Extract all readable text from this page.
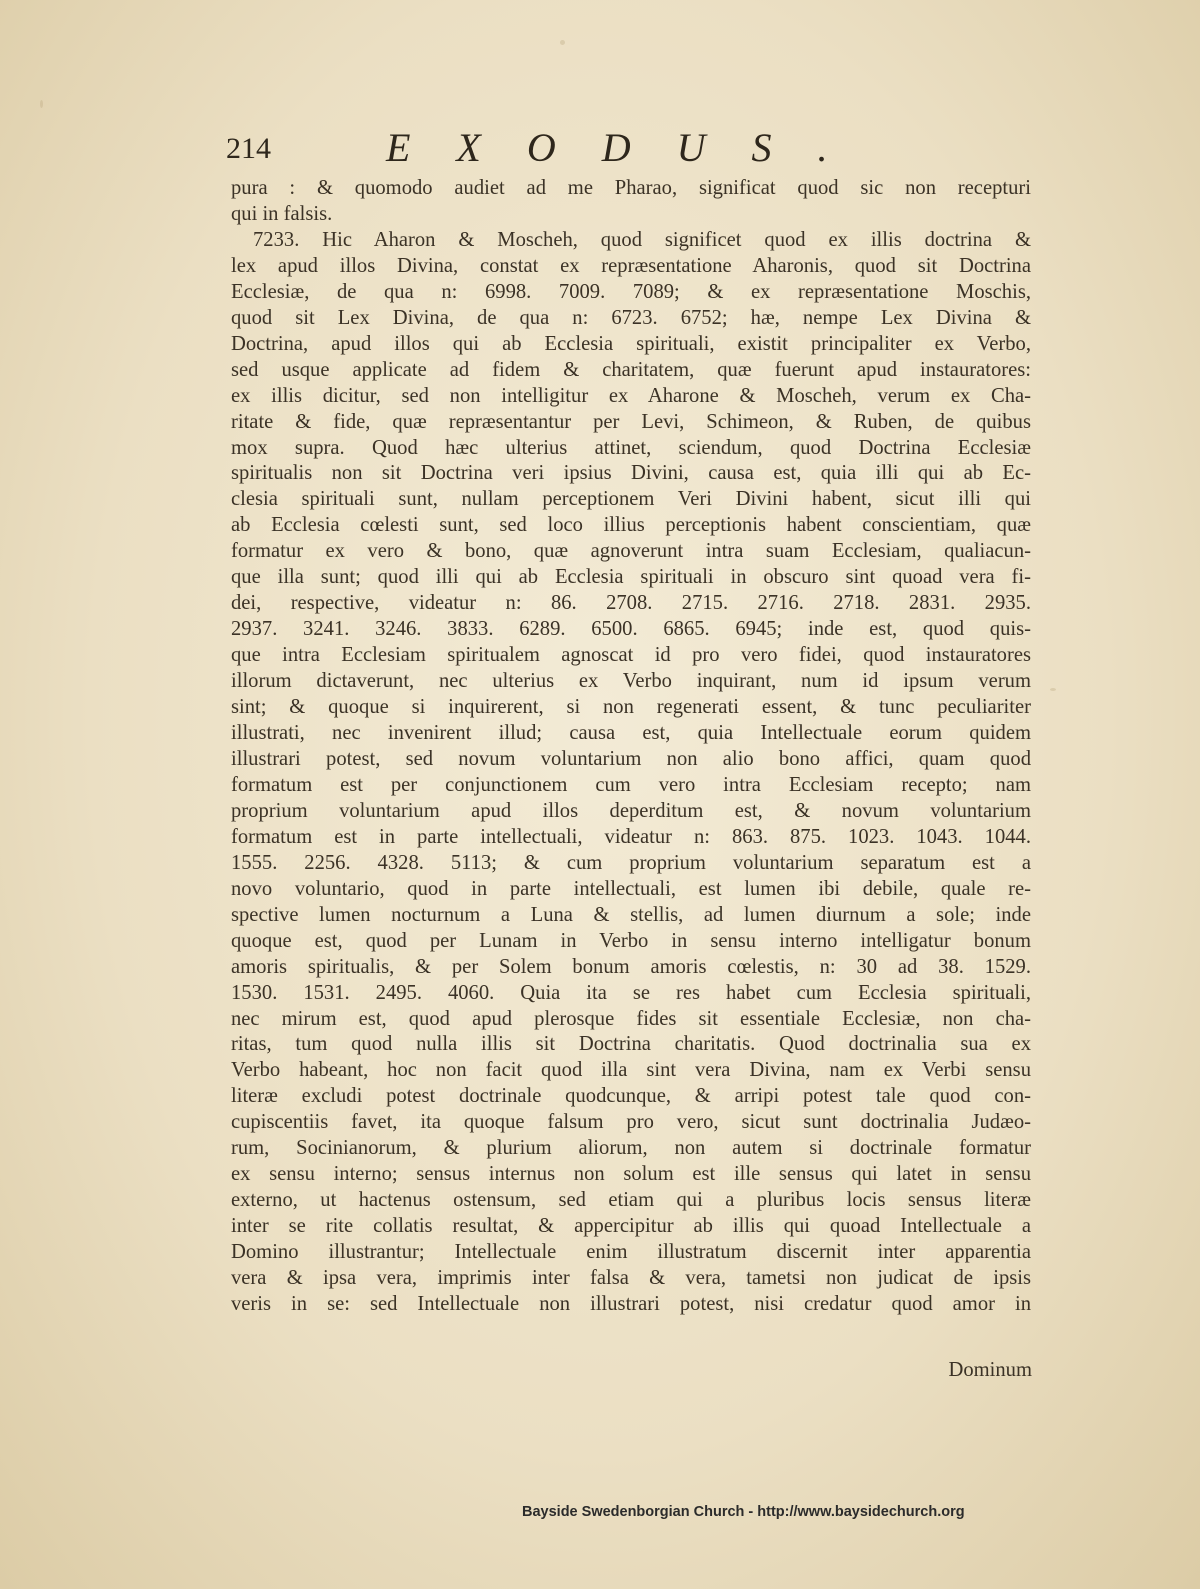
214	EXODUS.
pura : & quomodo audiet ad me Pharao, significat quod sic non recepturi
qui in falsis.
7233. Hic Aharon & Moscheh, quod significet quod ex illis doctrina &
lex apud illos Divina, constat ex repræsentatione Aharonis, quod sit Doctrina
Ecclesiæ, de qua n: 6998. 7009. 7089; & ex repræsentatione Moschis,
quod sit Lex Divina, de qua n: 6723. 6752; hæ, nempe Lex Divina &
Doctrina, apud illos qui ab Ecclesia spirituali, existit principaliter ex Verbo,
sed usque applicate ad fidem & charitatem, quæ fuerunt apud instauratores:
ex illis dicitur, sed non intelligitur ex Aharone & Moscheh, verum ex Cha-
ritate & fide, quæ repræsentantur per Levi, Schimeon, & Ruben, de quibus
mox supra. Quod hæc ulterius attinet, sciendum, quod Doctrina Ecclesiæ
spiritualis non sit Doctrina veri ipsius Divini, causa est, quia illi qui ab Ec-
clesia spirituali sunt, nullam perceptionem Veri Divini habent, sicut illi qui
ab Ecclesia cœlesti sunt, sed loco illius perceptionis habent conscientiam, quæ
formatur ex vero & bono, quæ agnoverunt intra suam Ecclesiam, qualiacun-
que illa sunt; quod illi qui ab Ecclesia spirituali in obscuro sint quoad vera fi-
dei, respective, videatur n: 86. 2708. 2715. 2716. 2718. 2831. 2935.
2937. 3241. 3246. 3833. 6289. 6500. 6865. 6945; inde est, quod quis-
que intra Ecclesiam spiritualem agnoscat id pro vero fidei, quod instauratores
illorum dictaverunt, nec ulterius ex Verbo inquirant, num id ipsum verum
sint; & quoque si inquirerent, si non regenerati essent, & tunc peculiariter
illustrati, nec invenirent illud; causa est, quia Intellectuale eorum quidem
illustrari potest, sed novum voluntarium non alio bono affici, quam quod
formatum est per conjunctionem cum vero intra Ecclesiam recepto; nam
proprium voluntarium apud illos deperditum est, & novum voluntarium
formatum est in parte intellectuali, videatur n: 863. 875. 1023. 1043. 1044.
1555. 2256. 4328. 5113; & cum proprium voluntarium separatum est a
novo voluntario, quod in parte intellectuali, est lumen ibi debile, quale re-
spective lumen nocturnum a Luna & stellis, ad lumen diurnum a sole; inde
quoque est, quod per Lunam in Verbo in sensu interno intelligatur bonum
amoris spiritualis, & per Solem bonum amoris cœlestis, n: 30 ad 38. 1529.
1530. 1531. 2495. 4060. Quia ita se res habet cum Ecclesia spirituali,
nec mirum est, quod apud plerosque fides sit essentiale Ecclesiæ, non cha-
ritas, tum quod nulla illis sit Doctrina charitatis. Quod doctrinalia sua ex
Verbo habeant, hoc non facit quod illa sint vera Divina, nam ex Verbi sensu
literæ excludi potest doctrinale quodcunque, & arripi potest tale quod con-
cupiscentiis favet, ita quoque falsum pro vero, sicut sunt doctrinalia Judæo-
rum, Socinianorum, & plurium aliorum, non autem si doctrinale formatur
ex sensu interno; sensus internus non solum est ille sensus qui latet in sensu
externo, ut hactenus ostensum, sed etiam qui a pluribus locis sensus literæ
inter se rite collatis resultat, & appercipitur ab illis qui quoad Intellectuale a
Domino illustrantur; Intellectuale enim illustratum discernit inter apparentia
vera & ipsa vera, imprimis inter falsa & vera, tametsi non judicat de ipsis
veris in se: sed Intellectuale non illustrari potest, nisi credatur quod amor in
Dominum
Bayside Swedenborgian Church - http://www.baysidechurch.org
